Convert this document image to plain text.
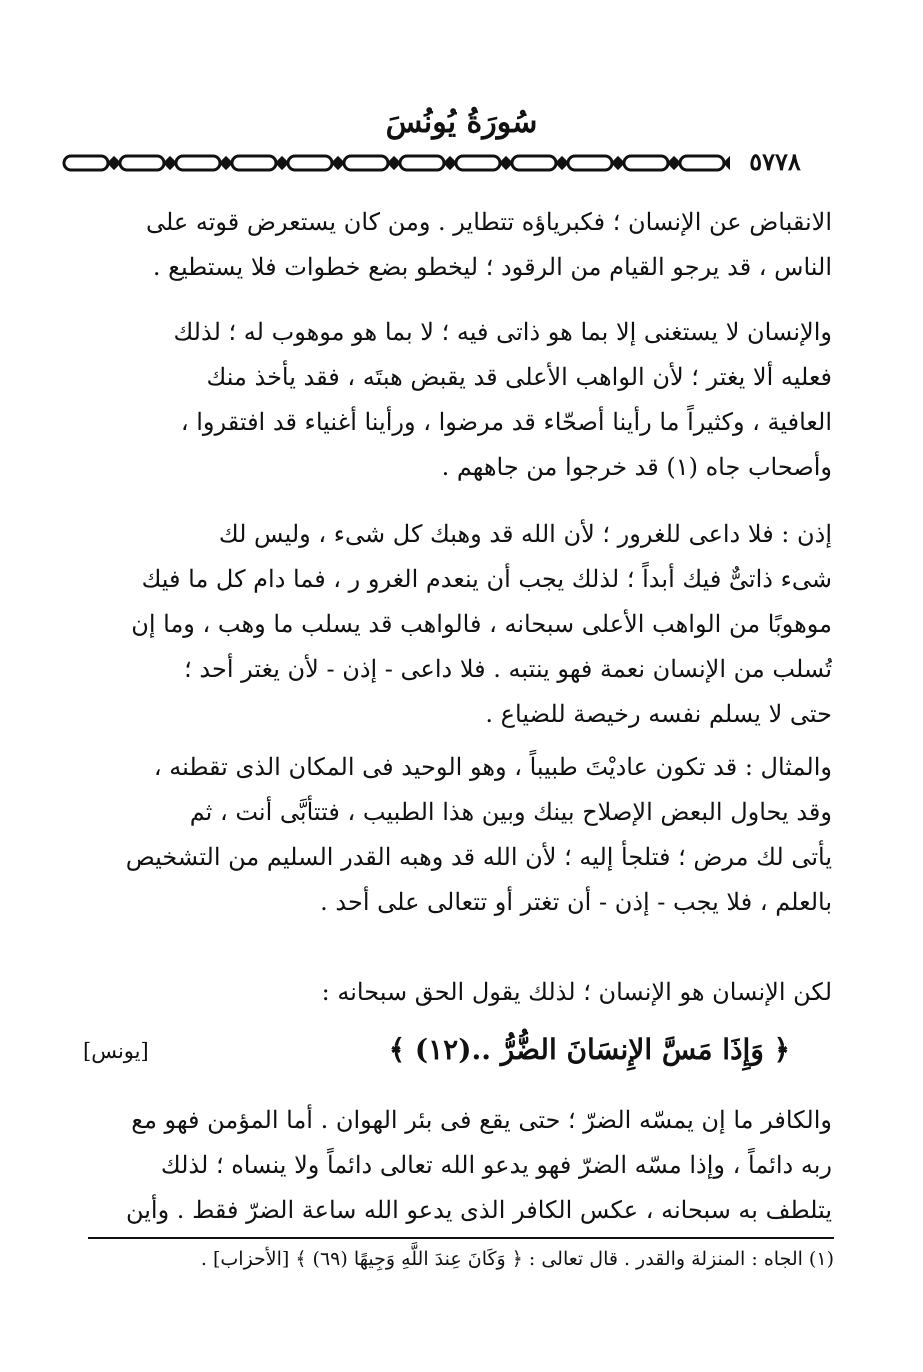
سُورَةُ يُونُسَ
٥٧٧٨
الانقباض عن الإنسان ؛ فكبرياؤه تتطاير . ومن كان يستعرض قوته على
الناس ، قد يرجو القيام من الرقود ؛ ليخطو بضع خطوات فلا يستطيع .
والإنسان لا يستغنى إلا بما هو ذاتى فيه ؛ لا بما هو موهوب له ؛ لذلك
فعليه ألا يغتر ؛ لأن الواهب الأعلى قد يقبض هبتَه ، فقد يأخذ منك
العافية ، وكثيراً ما رأينا أصحّاء قد مرضوا ، ورأينا أغنياء قد افتقروا ،
وأصحاب جاه (١) قد خرجوا من جاههم .
إذن : فلا داعى للغرور ؛ لأن الله قد وهبك كل شىء ، وليس لك
شىء ذاتىٌّ فيك أبداً ؛ لذلك يجب أن ينعدم الغرو ر ، فما دام كل ما فيك
موهوبًا من الواهب الأعلى سبحانه ، فالواهب قد يسلب ما وهب ، وما إن
تُسلب من الإنسان نعمة فهو ينتبه . فلا داعى - إذن - لأن يغتر أحد ؛
حتى لا يسلم نفسه رخيصة للضياع .
والمثال : قد تكون عاديْتَ طبيباً ، وهو الوحيد فى المكان الذى تقطنه ،
وقد يحاول البعض الإصلاح بينك وبين هذا الطبيب ، فتتأبَّى أنت ، ثم
يأتى لك مرض ؛ فتلجأ إليه ؛ لأن الله قد وهبه القدر السليم من التشخيص
بالعلم ، فلا يجب - إذن - أن تغتر أو تتعالى على أحد .
لكن الإنسان هو الإنسان ؛ لذلك يقول الحق سبحانه :
﴿ وَإِذَا مَسَّ الإِنسَانَ الضُّرُّ ..(١٢) ﴾
[يونس]
والكافر ما إن يمسّه الضرّ ؛ حتى يقع فى بئر الهوان . أما المؤمن فهو مع
ربه دائماً ، وإذا مسّه الضرّ فهو يدعو الله تعالى دائماً ولا ينساه ؛ لذلك
يتلطف به سبحانه ، عكس الكافر الذى يدعو الله ساعة الضرّ فقط . وأين
(١) الجاه : المنزلة والقدر . قال تعالى : ﴿ وَكَانَ عِندَ اللَّهِ وَجِيهًا (٦٩) ﴾ [الأحزاب] .
